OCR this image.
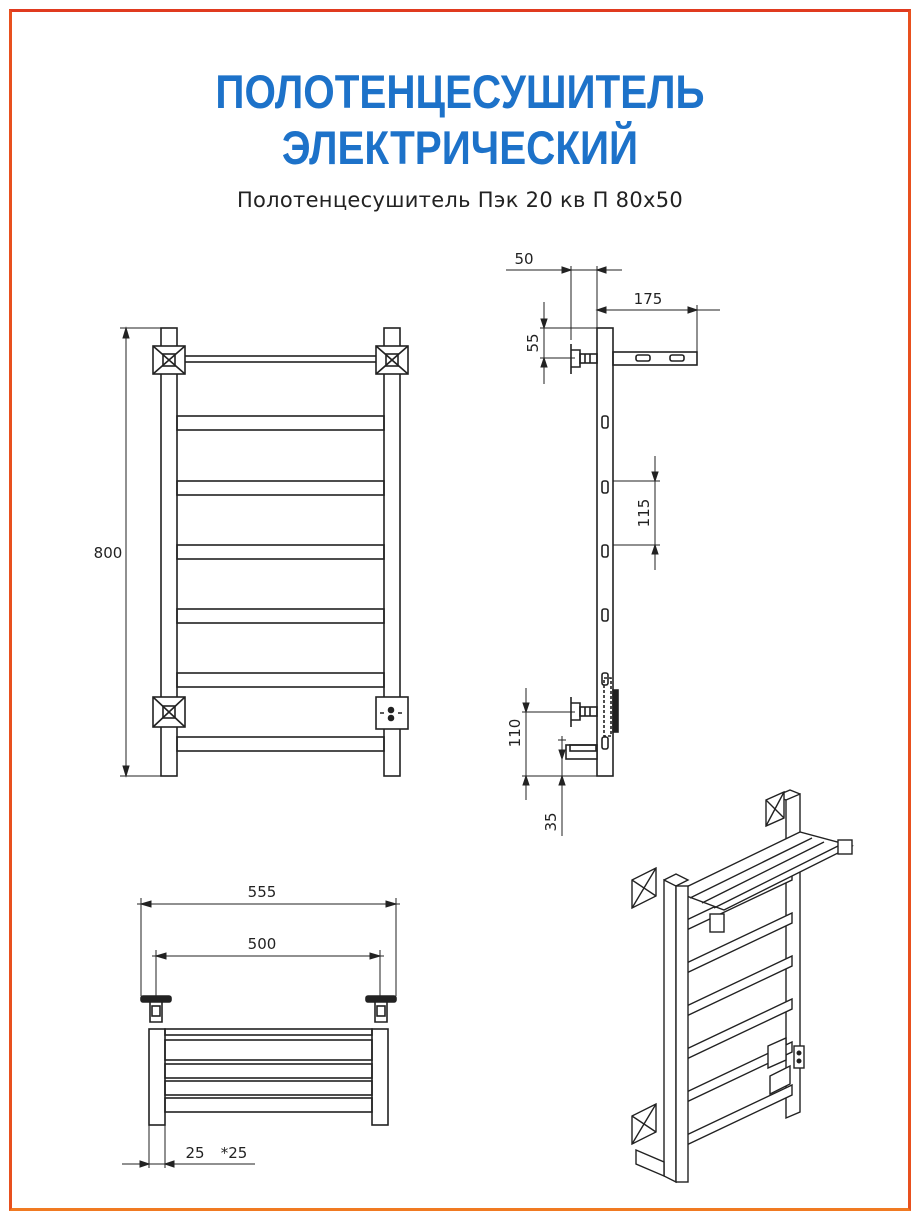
ПОЛОТЕНЦЕСУШИТЕЛЬ
ЭЛЕКТРИЧЕСКИЙ
Полотенцесушитель Пэк 20 кв П 80х50
800
50
175
55
115
110
35
555
500
25 *25
